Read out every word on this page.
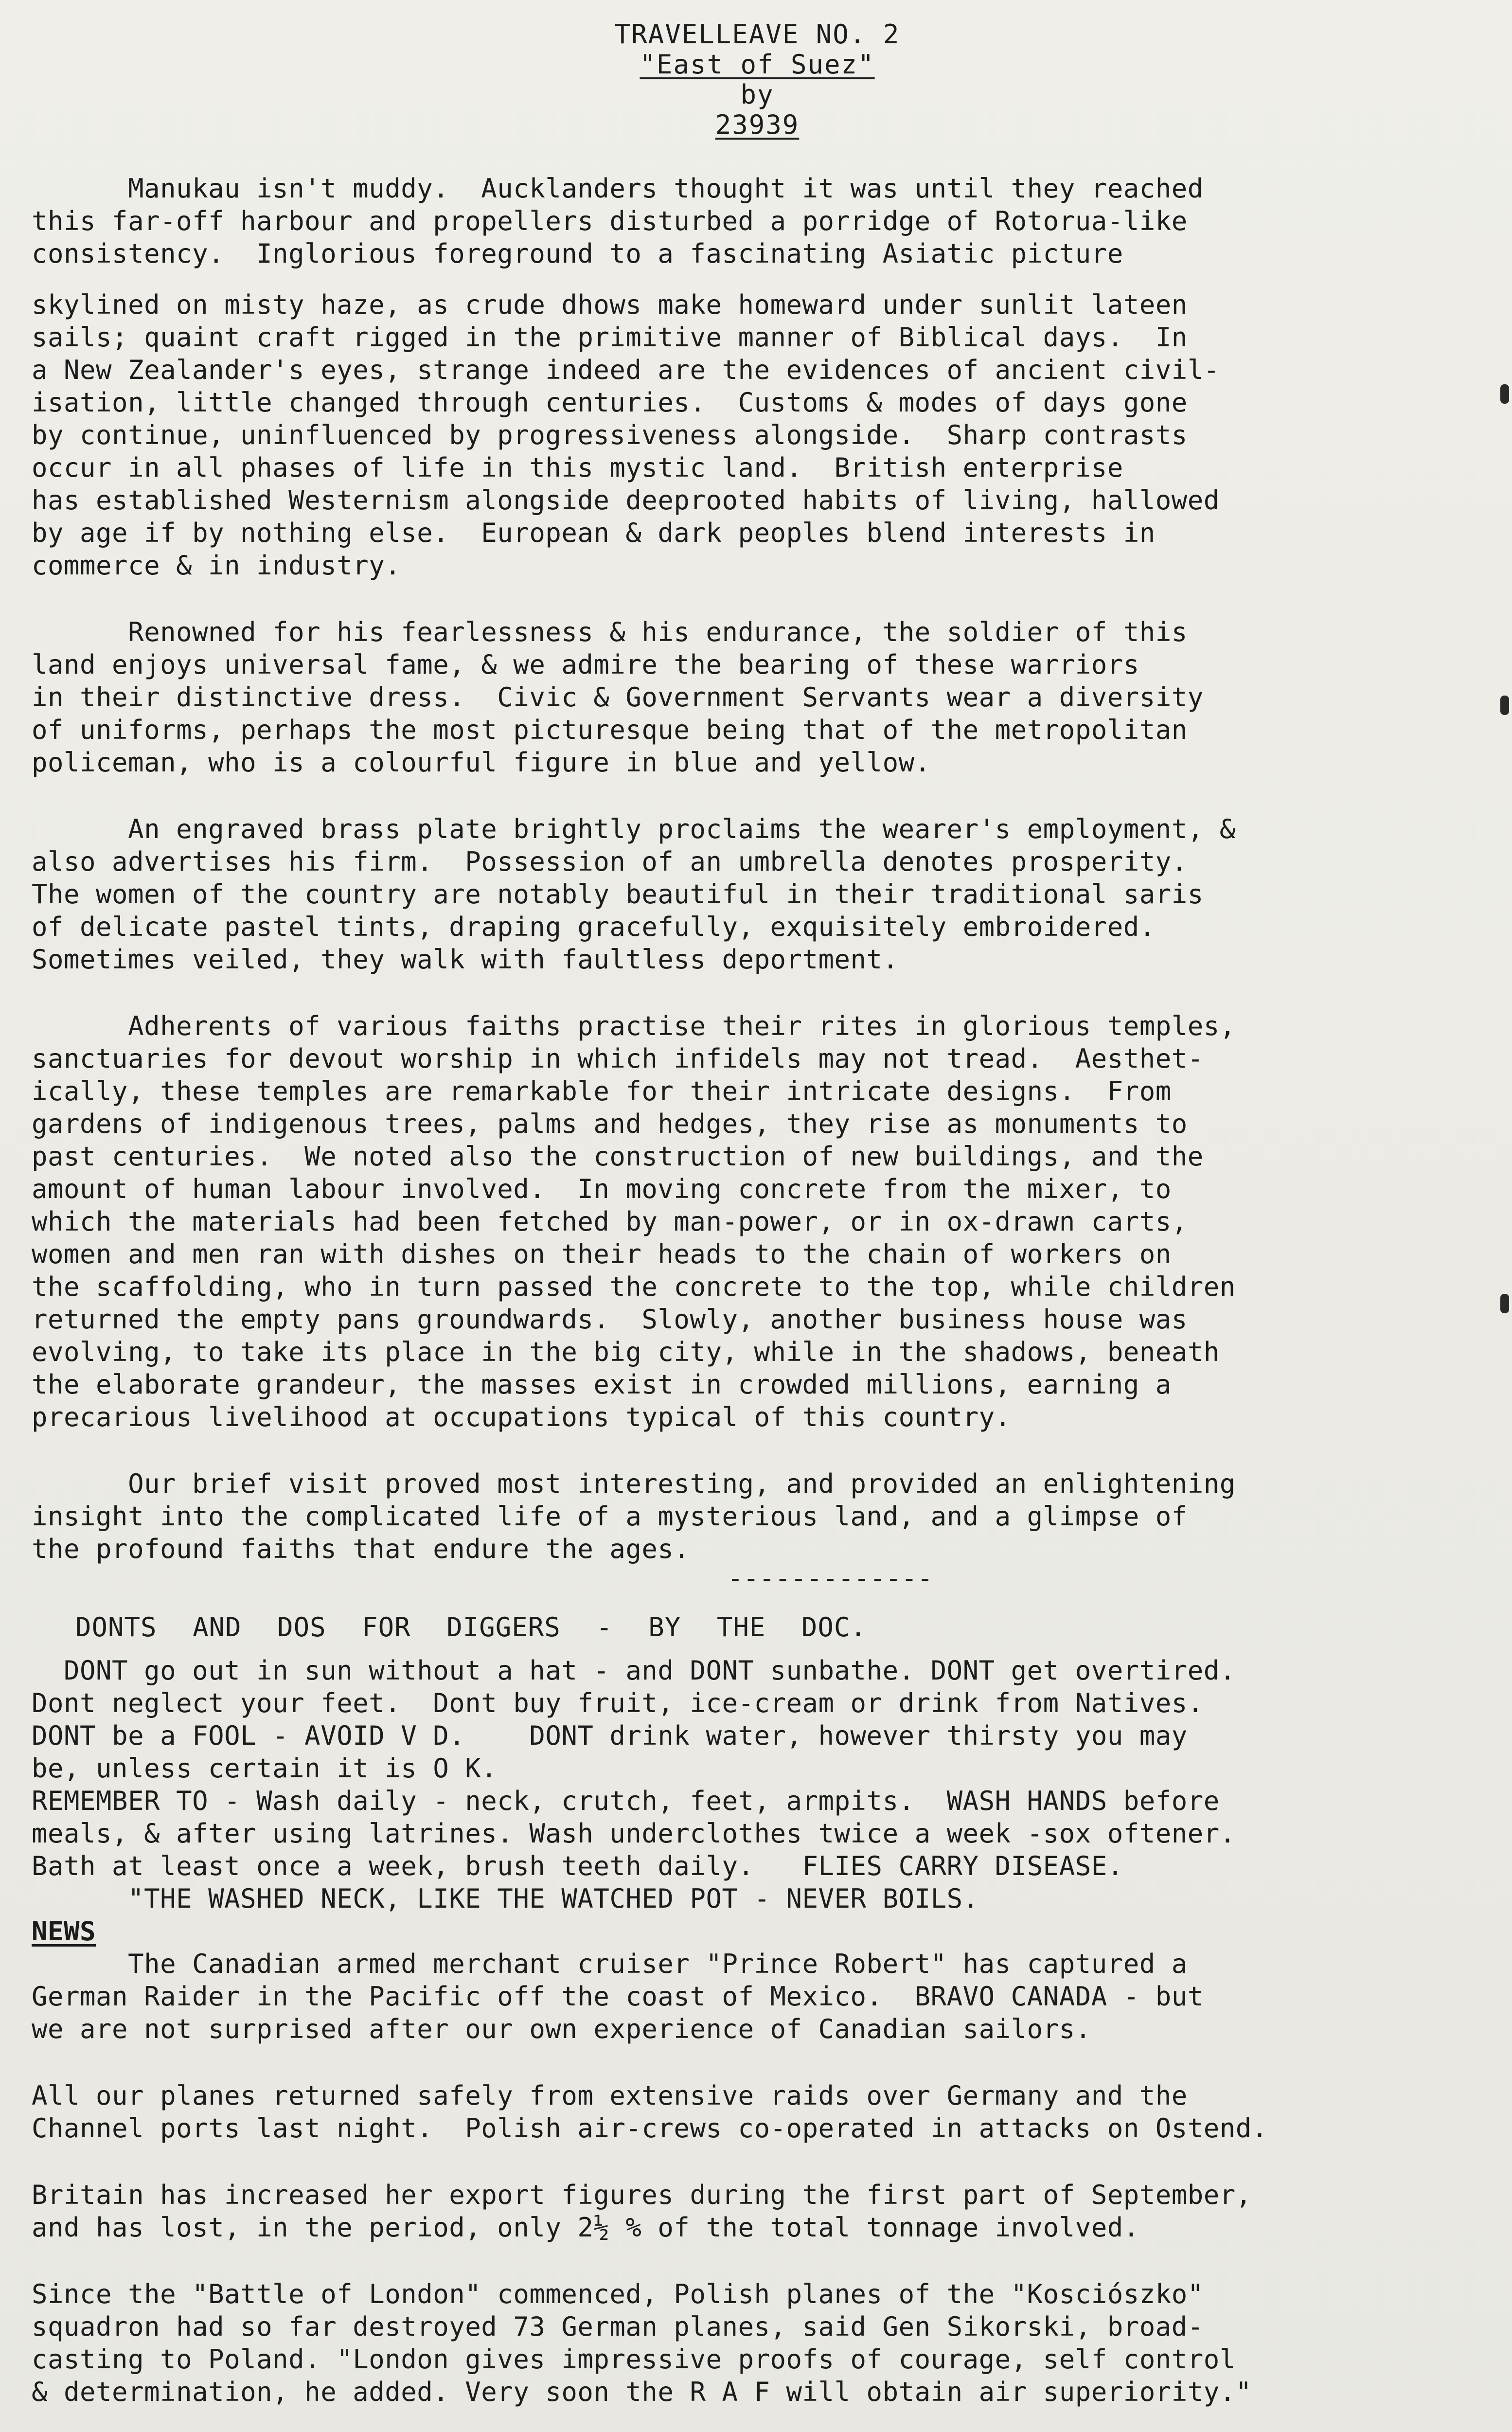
TRAVELLEAVE NO. 2
"East of Suez"
by
23939
Manukau isn't muddy.  Aucklanders thought it was until they reached
this far-off harbour and propellers disturbed a porridge of Rotorua-like
consistency.  Inglorious foreground to a fascinating Asiatic picture
skylined on misty haze, as crude dhows make homeward under sunlit lateen
sails; quaint craft rigged in the primitive manner of Biblical days.  In
a New Zealander's eyes, strange indeed are the evidences of ancient civil-
isation, little changed through centuries.  Customs & modes of days gone
by continue, uninfluenced by progressiveness alongside.  Sharp contrasts
occur in all phases of life in this mystic land.  British enterprise
has established Westernism alongside deeprooted habits of living, hallowed
by age if by nothing else.  European & dark peoples blend interests in
commerce & in industry.
Renowned for his fearlessness & his endurance, the soldier of this
land enjoys universal fame, & we admire the bearing of these warriors
in their distinctive dress.  Civic & Government Servants wear a diversity
of uniforms, perhaps the most picturesque being that of the metropolitan
policeman, who is a colourful figure in blue and yellow.
An engraved brass plate brightly proclaims the wearer's employment, &
also advertises his firm.  Possession of an umbrella denotes prosperity.
The women of the country are notably beautiful in their traditional saris
of delicate pastel tints, draping gracefully, exquisitely embroidered.
Sometimes veiled, they walk with faultless deportment.
Adherents of various faiths practise their rites in glorious temples,
sanctuaries for devout worship in which infidels may not tread.  Aesthet-
ically, these temples are remarkable for their intricate designs.  From
gardens of indigenous trees, palms and hedges, they rise as monuments to
past centuries.  We noted also the construction of new buildings, and the
amount of human labour involved.  In moving concrete from the mixer, to
which the materials had been fetched by man-power, or in ox-drawn carts,
women and men ran with dishes on their heads to the chain of workers on
the scaffolding, who in turn passed the concrete to the top, while children
returned the empty pans groundwards.  Slowly, another business house was
evolving, to take its place in the big city, while in the shadows, beneath
the elaborate grandeur, the masses exist in crowded millions, earning a
precarious livelihood at occupations typical of this country.
Our brief visit proved most interesting, and provided an enlightening
insight into the complicated life of a mysterious land, and a glimpse of
the profound faiths that endure the ages.
-------------
DONTS AND DOS FOR DIGGERS - BY THE DOC.
DONT go out in sun without a hat - and DONT sunbathe. DONT get overtired.
Dont neglect your feet.  Dont buy fruit, ice-cream or drink from Natives.
DONT be a FOOL - AVOID V D.    DONT drink water, however thirsty you may
be, unless certain it is O K.
REMEMBER TO - Wash daily - neck, crutch, feet, armpits.  WASH HANDS before
meals, & after using latrines. Wash underclothes twice a week -sox oftener.
Bath at least once a week, brush teeth daily.   FLIES CARRY DISEASE.
"THE WASHED NECK, LIKE THE WATCHED POT - NEVER BOILS.
NEWS
The Canadian armed merchant cruiser "Prince Robert" has captured a
German Raider in the Pacific off the coast of Mexico.  BRAVO CANADA - but
we are not surprised after our own experience of Canadian sailors.
All our planes returned safely from extensive raids over Germany and the
Channel ports last night.  Polish air-crews co-operated in attacks on Ostend.
Britain has increased her export figures during the first part of September,
and has lost, in the period, only 2½ % of the total tonnage involved.
Since the "Battle of London" commenced, Polish planes of the "Kosciószko"
squadron had so far destroyed 73 German planes, said Gen Sikorski, broad-
casting to Poland. "London gives impressive proofs of courage, self control
& determination, he added. Very soon the R A F will obtain air superiority."
